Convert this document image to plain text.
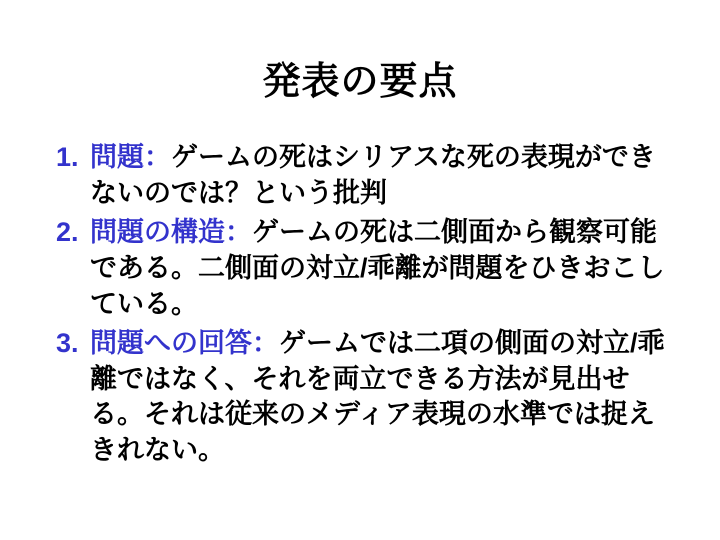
発表の要点
1. 問題：ゲームの死はシリアスな死の表現ができないのでは？という批判
2. 問題の構造：ゲームの死は二側面から観察可能である。二側面の対立/乖離が問題をひきおこしている。
3. 問題への回答：ゲームでは二項の側面の対立/乖離ではなく、それを両立できる方法が見出せる。それは従来のメディア表現の水準では捉えきれない。
